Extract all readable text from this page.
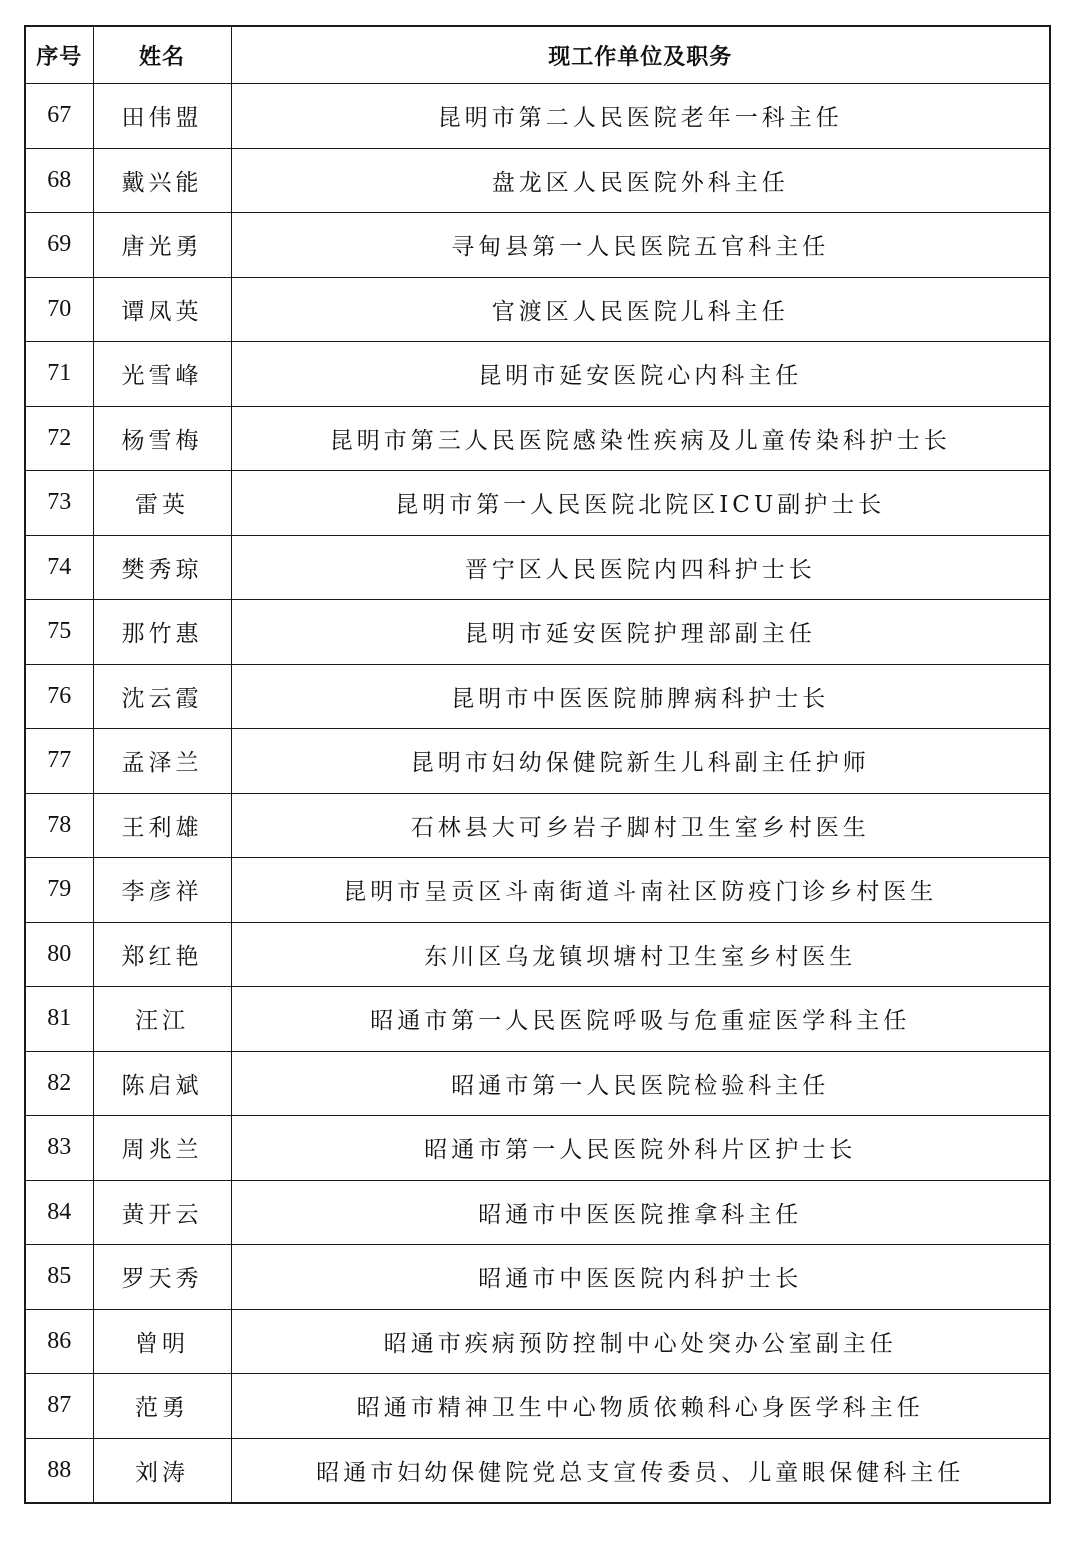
序号	姓名	现工作单位及职务
67	田伟盟	昆明市第二人民医院老年一科主任
68	戴兴能	盘龙区人民医院外科主任
69	唐光勇	寻甸县第一人民医院五官科主任
70	谭凤英	官渡区人民医院儿科主任
71	光雪峰	昆明市延安医院心内科主任
72	杨雪梅	昆明市第三人民医院感染性疾病及儿童传染科护士长
73	雷英	昆明市第一人民医院北院区ICU副护士长
74	樊秀琼	晋宁区人民医院内四科护士长
75	那竹惠	昆明市延安医院护理部副主任
76	沈云霞	昆明市中医医院肺脾病科护士长
77	孟泽兰	昆明市妇幼保健院新生儿科副主任护师
78	王利雄	石林县大可乡岩子脚村卫生室乡村医生
79	李彦祥	昆明市呈贡区斗南街道斗南社区防疫门诊乡村医生
80	郑红艳	东川区乌龙镇坝塘村卫生室乡村医生
81	汪江	昭通市第一人民医院呼吸与危重症医学科主任
82	陈启斌	昭通市第一人民医院检验科主任
83	周兆兰	昭通市第一人民医院外科片区护士长
84	黄开云	昭通市中医医院推拿科主任
85	罗天秀	昭通市中医医院内科护士长
86	曾明	昭通市疾病预防控制中心处突办公室副主任
87	范勇	昭通市精神卫生中心物质依赖科心身医学科主任
88	刘涛	昭通市妇幼保健院党总支宣传委员、儿童眼保健科主任
